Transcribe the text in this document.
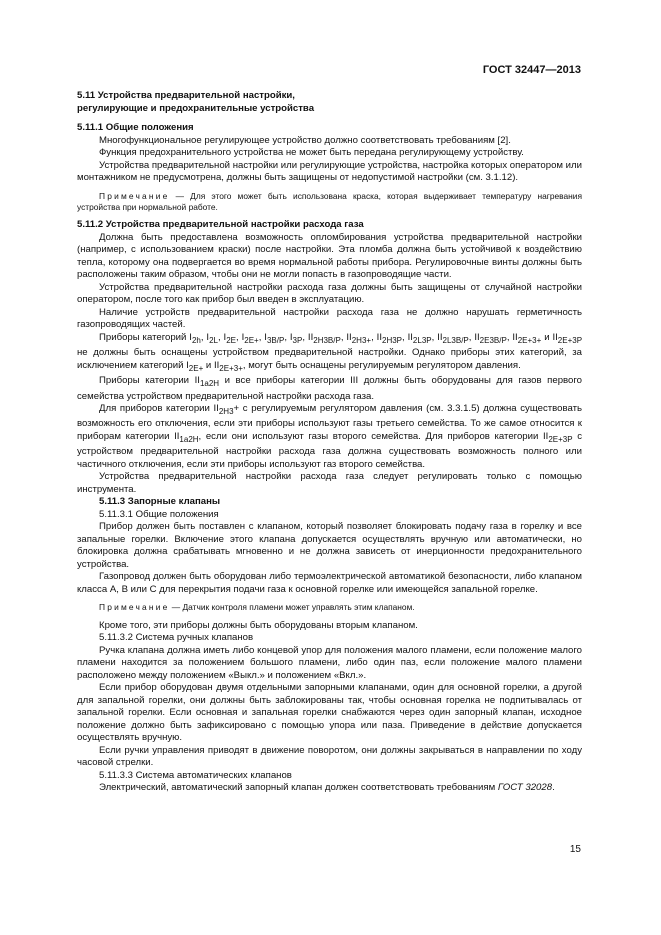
ГОСТ 32447—2013

5.11 Устройства предварительной настройки,

регулирующие и предохранительные устройства

5.11.1 Общие положения

Многофункциональное регулирующее устройство должно соответствовать требованиям [2].

Функция предохранительного устройства не может быть передана регулирующему устройству.

Устройства предварительной настройки или регулирующие устройства, настройка которых оператором или монтажником не предусмотрена, должны быть защищены от недопустимой настройки (см. 3.1.12).

Примечание — Для этого может быть использована краска, которая выдерживает температуру нагревания устройства при нормальной работе.

5.11.2 Устройства предварительной настройки расхода газа

Должна быть предоставлена возможность опломбирования устройства предварительной настройки (например, с использованием краски) после настройки. Эта пломба должна быть устойчивой к воздействию тепла, которому она подвергается во время нормальной работы прибора. Регулировочные винты должны быть расположены таким образом, чтобы они не могли попасть в газопроводящие части.

Устройства предварительной настройки расхода газа должны быть защищены от случайной настройки оператором, после того как прибор был введен в эксплуатацию.

Наличие устройств предварительной настройки расхода газа не должно нарушать герметичность газопроводящих частей.

Приборы категорий $I_{2h}$, $I_{2L}$, $I_{2E}$, $I_{2E+}$, $I_{3B/P}$, $I_{3P}$, $II_{2H3B/P}$, $II_{2H3+}$, $II_{2H3P}$, $II_{2L3P}$, $II_{2L3B/P}$, $II_{2E3B/P}$, $II_{2E+3+}$ и $II_{2E+3P}$ не должны быть оснащены устройством предварительной настройки. Однако приборы этих категорий, за исключением категорий $I_{2E+}$ и $II_{2E+3+}$, могут быть оснащены регулируемым регулятором давления.

Приборы категории $II_{1a2H}$ и все приборы категории III должны быть оборудованы для газов первого семейства устройством предварительной настройки расхода газа.

Для приборов категории $II_{2H3}+ с$ регулируемым регулятором давления (см. 3.3.1.5) должна существовать возможность его отключения, если эти приборы используют газы третьего семейства. То же самое относится к приборам категории $II_{1a2H}$, если они используют газы второго семейства. Для приборов категории $II_{2E+3P}$ с устройством предварительной настройки расхода газа должна существовать возможность полного или частичного отключения, если эти приборы используют газ второго семейства.

Устройства предварительной настройки расхода газа следует регулировать только с помощью инструмента.

5.11.3 Запорные клапаны

5.11.3.1 Общие положения

Прибор должен быть поставлен с клапаном, который позволяет блокировать подачу газа в горелку и все запальные горелки. Включение этого клапана допускается осуществлять вручную или автоматически, но блокировка должна срабатывать мгновенно и не должна зависеть от инерционности предохранительного устройства.

Газопровод должен быть оборудован либо термоэлектрической автоматикой безопасности, либо клапаном класса A, B или C для перекрытия подачи газа к основной горелке или имеющейся запальной горелке.

Примечание — Датчик контроля пламени может управлять этим клапаном.

Кроме того, эти приборы должны быть оборудованы вторым клапаном.

5.11.3.2 Система ручных клапанов

Ручка клапана должна иметь либо концевой упор для положения малого пламени, если положение малого пламени находится за положением большого пламени, либо один паз, если положение малого пламени расположено между положением «Выкл.» и положением «Вкл.».

Если прибор оборудован двумя отдельными запорными клапанами, один для основной горелки, а другой для запальной горелки, они должны быть заблокированы так, чтобы основная горелка не подпитывалась от запальной горелки. Если основная и запальная горелки снабжаются через один запорный клапан, исходное положение должно быть зафиксировано с помощью упора или паза. Приведение в действие допускается осуществлять вручную.

Если ручки управления приводят в движение поворотом, они должны закрываться в направлении по ходу часовой стрелки.

5.11.3.3 Система автоматических клапанов

Электрический, автоматический запорный клапан должен соответствовать требованиям ГОСТ 32028.

15
